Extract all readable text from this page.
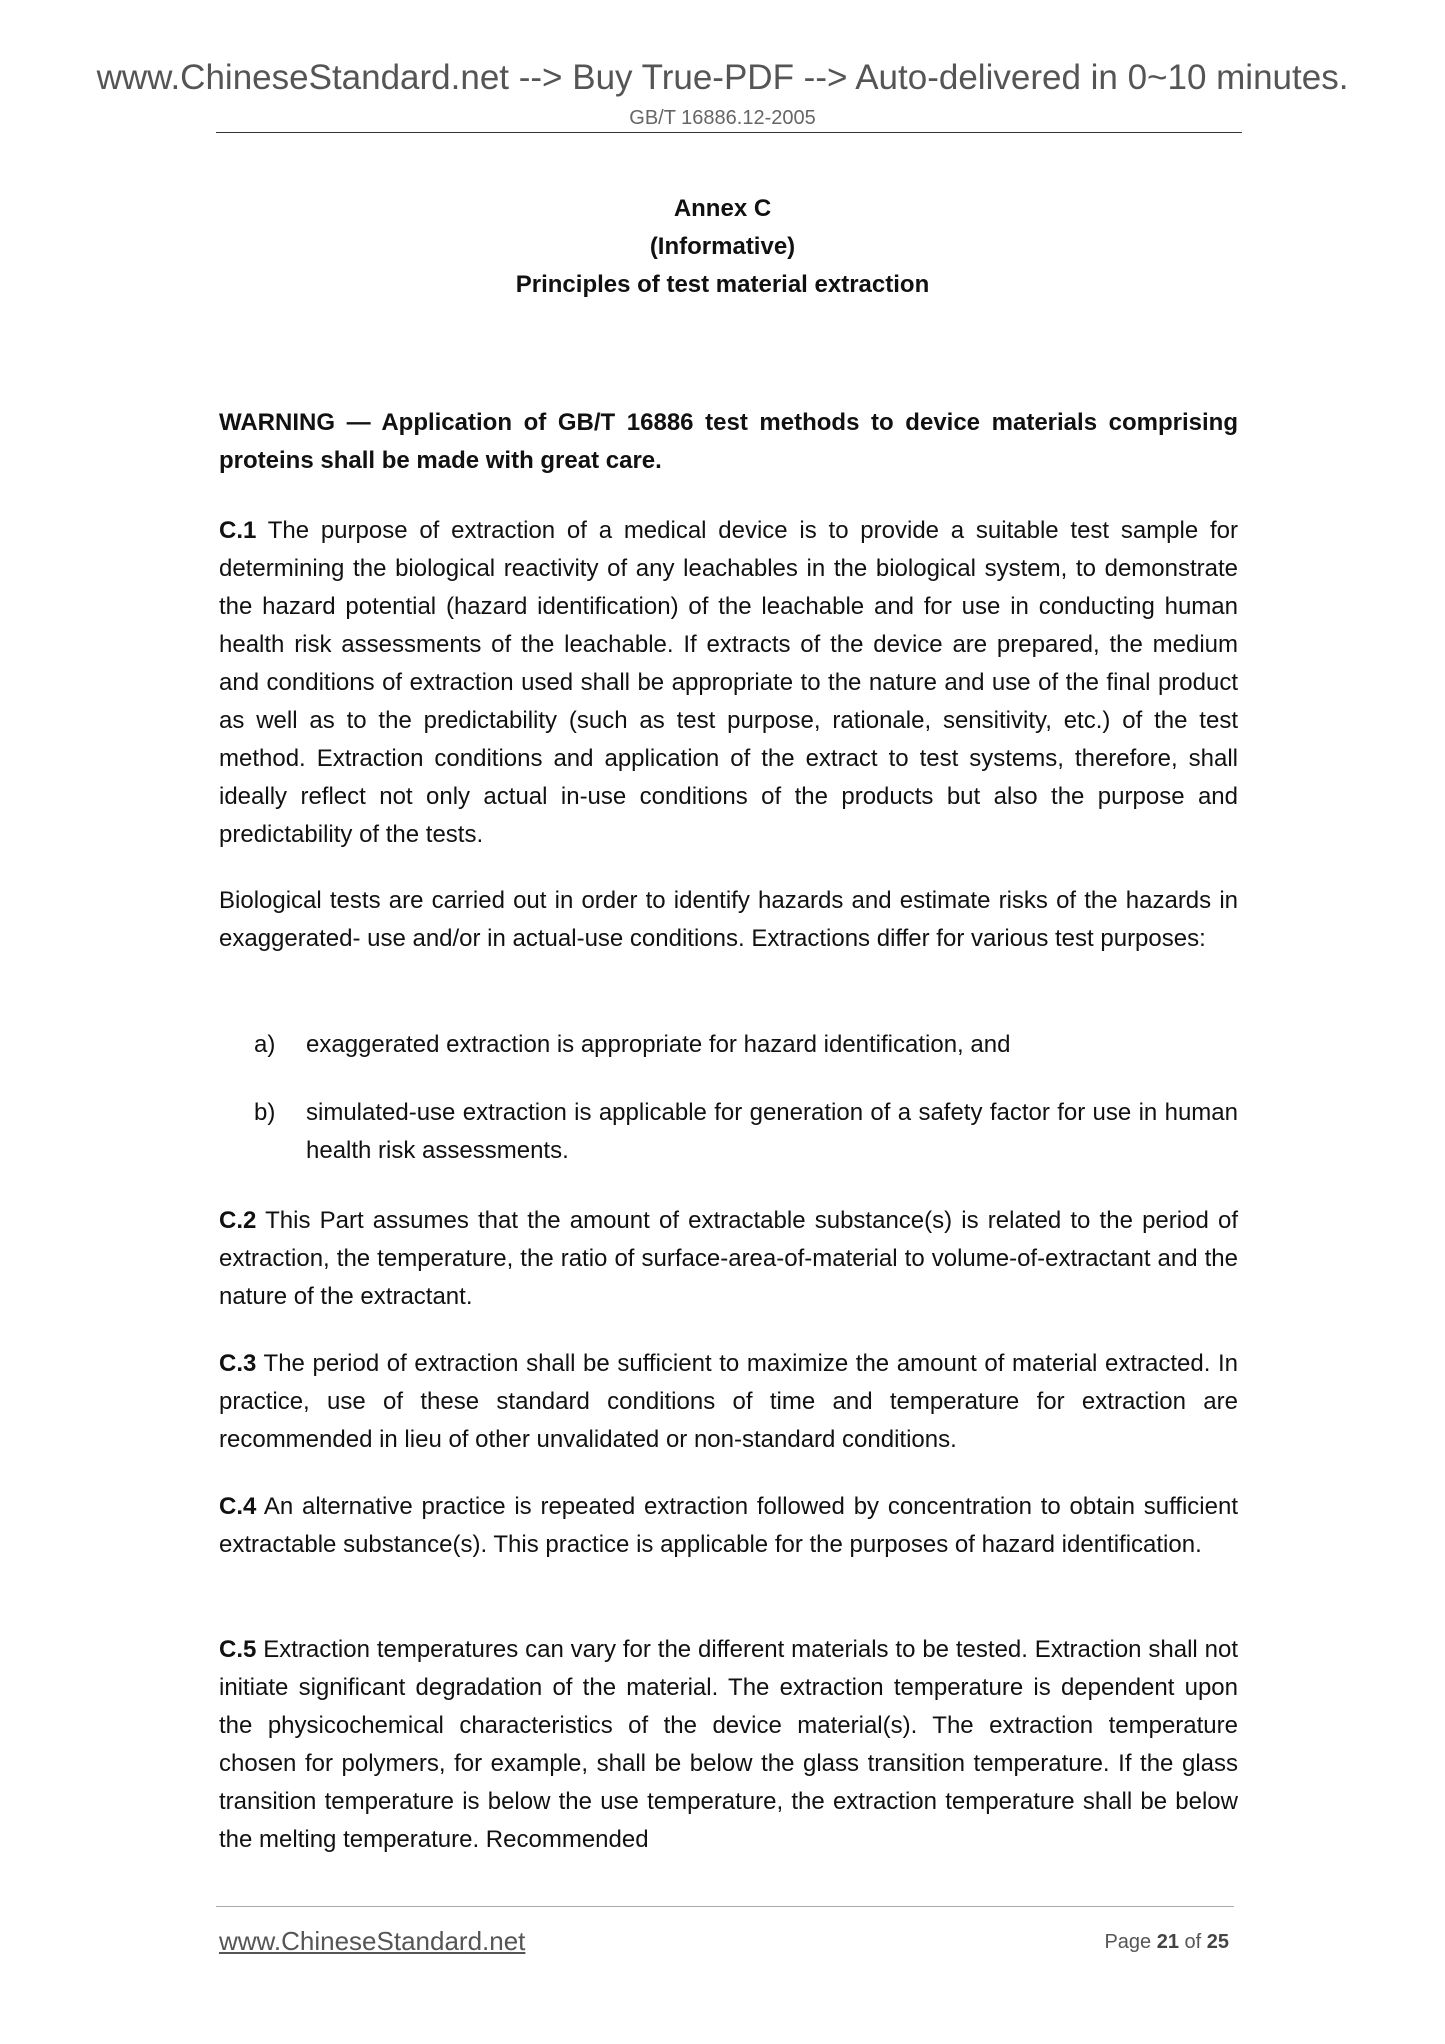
www.ChineseStandard.net --> Buy True-PDF --> Auto-delivered in 0~10 minutes.
GB/T 16886.12-2005
Annex C
(Informative)
Principles of test material extraction
WARNING — Application of GB/T 16886 test methods to device materials comprising proteins shall be made with great care.
C.1 The purpose of extraction of a medical device is to provide a suitable test sample for determining the biological reactivity of any leachables in the biological system, to demonstrate the hazard potential (hazard identification) of the leachable and for use in conducting human health risk assessments of the leachable. If extracts of the device are prepared, the medium and conditions of extraction used shall be appropriate to the nature and use of the final product as well as to the predictability (such as test purpose, rationale, sensitivity, etc.) of the test method. Extraction conditions and application of the extract to test systems, therefore, shall ideally reflect not only actual in-use conditions of the products but also the purpose and predictability of the tests.
Biological tests are carried out in order to identify hazards and estimate risks of the hazards in exaggerated- use and/or in actual-use conditions. Extractions differ for various test purposes:
a) exaggerated extraction is appropriate for hazard identification, and
b) simulated-use extraction is applicable for generation of a safety factor for use in human health risk assessments.
C.2 This Part assumes that the amount of extractable substance(s) is related to the period of extraction, the temperature, the ratio of surface-area-of-material to volume-of-extractant and the nature of the extractant.
C.3 The period of extraction shall be sufficient to maximize the amount of material extracted. In practice, use of these standard conditions of time and temperature for extraction are recommended in lieu of other unvalidated or non-standard conditions.
C.4 An alternative practice is repeated extraction followed by concentration to obtain sufficient extractable substance(s). This practice is applicable for the purposes of hazard identification.
C.5 Extraction temperatures can vary for the different materials to be tested. Extraction shall not initiate significant degradation of the material. The extraction temperature is dependent upon the physicochemical characteristics of the device material(s). The extraction temperature chosen for polymers, for example, shall be below the glass transition temperature. If the glass transition temperature is below the use temperature, the extraction temperature shall be below the melting temperature. Recommended
www.ChineseStandard.net	Page 21 of 25
